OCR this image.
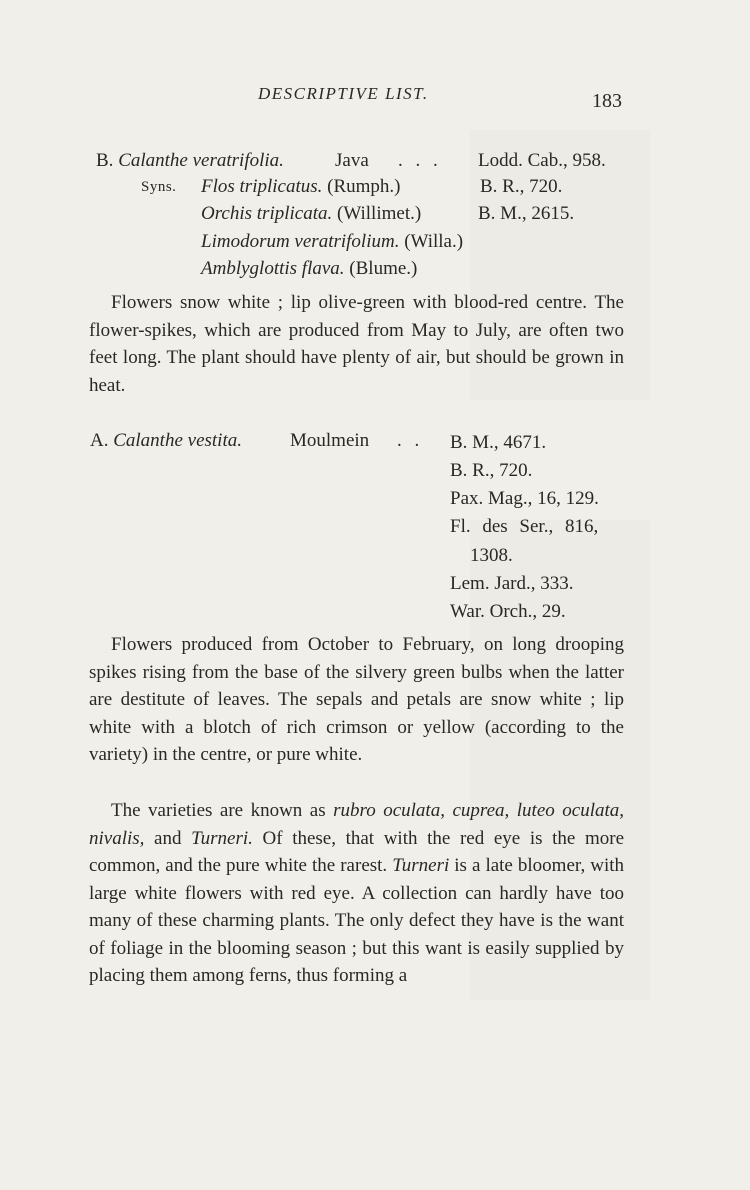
DESCRIPTIVE LIST.	183
B. Calanthe veratrifolia.	Java . . . Lodd. Cab., 958.
Syns. Flos triplicatus. (Rumph.)	B. R., 720.
Orchis triplicata. (Willimet.)	B. M., 2615.
Limodorum veratrifolium. (Willa.)
Amblyglottis flava. (Blume.)
Flowers snow white ; lip olive-green with blood-red centre. The flower-spikes, which are produced from May to July, are often two feet long. The plant should have plenty of air, but should be grown in heat.
A. Calanthe vestita.	Moulmein . . B. M., 4671.
B. R., 720.
Pax. Mag., 16, 129.
Fl. des Ser., 816,
1308.
Lem. Jard., 333.
War. Orch., 29.
Flowers produced from October to February, on long drooping spikes rising from the base of the silvery green bulbs when the latter are destitute of leaves. The sepals and petals are snow white ; lip white with a blotch of rich crimson or yellow (according to the variety) in the centre, or pure white.
The varieties are known as rubro oculata, cuprea, luteo oculata, nivalis, and Turneri. Of these, that with the red eye is the more common, and the pure white the rarest. Turneri is a late bloomer, with large white flowers with red eye. A collection can hardly have too many of these charming plants. The only defect they have is the want of foliage in the blooming season ; but this want is easily supplied by placing them among ferns, thus forming a
